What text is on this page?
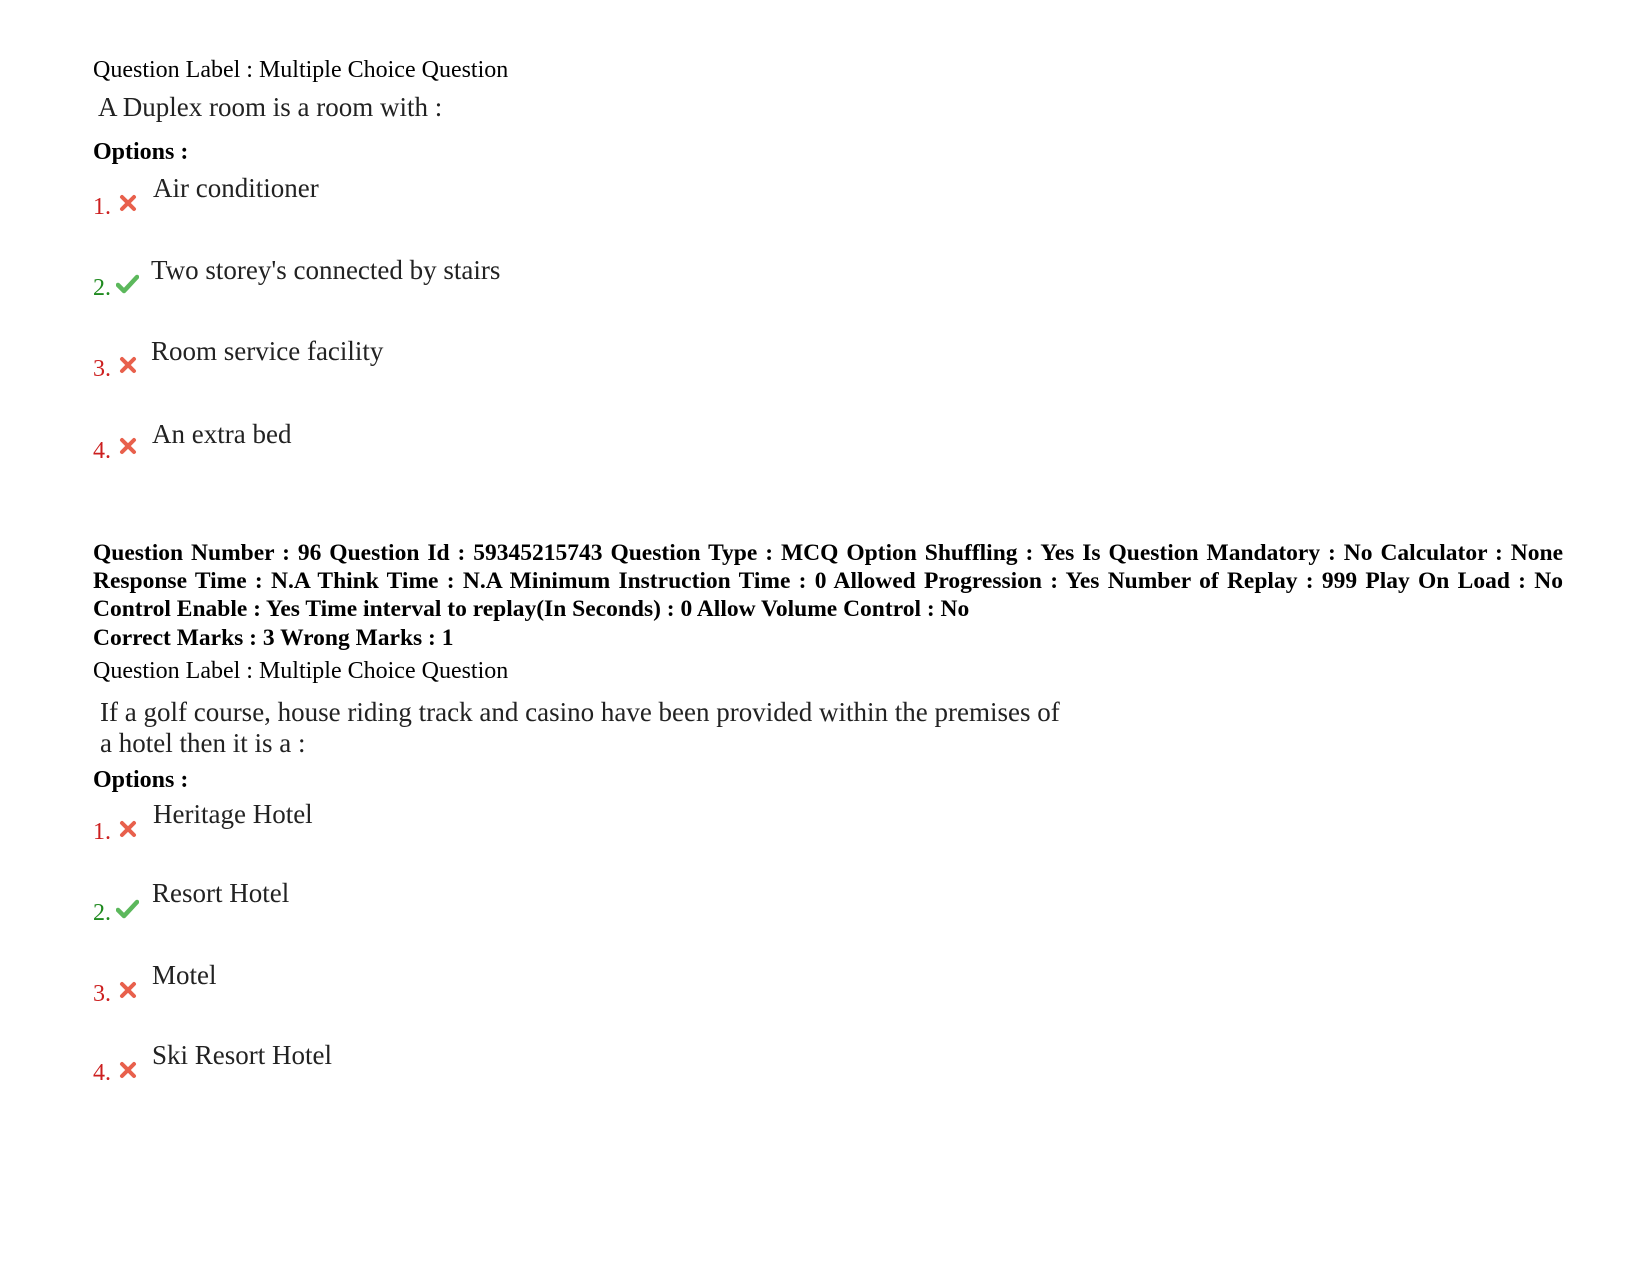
Question Label : Multiple Choice Question
A Duplex room is a room with :
Options :
1.
Air conditioner
2.
Two storey's connected by stairs
3.
Room service facility
4.
An extra bed
Question Number : 96 Question Id : 59345215743 Question Type : MCQ Option Shuffling : Yes Is Question Mandatory : No Calculator : None Response Time : N.A Think Time : N.A Minimum Instruction Time : 0 Allowed Progression : Yes Number of Replay : 999 Play On Load : No Control Enable : Yes Time interval to replay(In Seconds) : 0 Allow Volume Control : No
Correct Marks : 3 Wrong Marks : 1
Question Label : Multiple Choice Question
If a golf course, house riding track and casino have been provided within the premises of
a hotel then it is a :
Options :
1.
Heritage Hotel
2.
Resort Hotel
3.
Motel
4.
Ski Resort Hotel
